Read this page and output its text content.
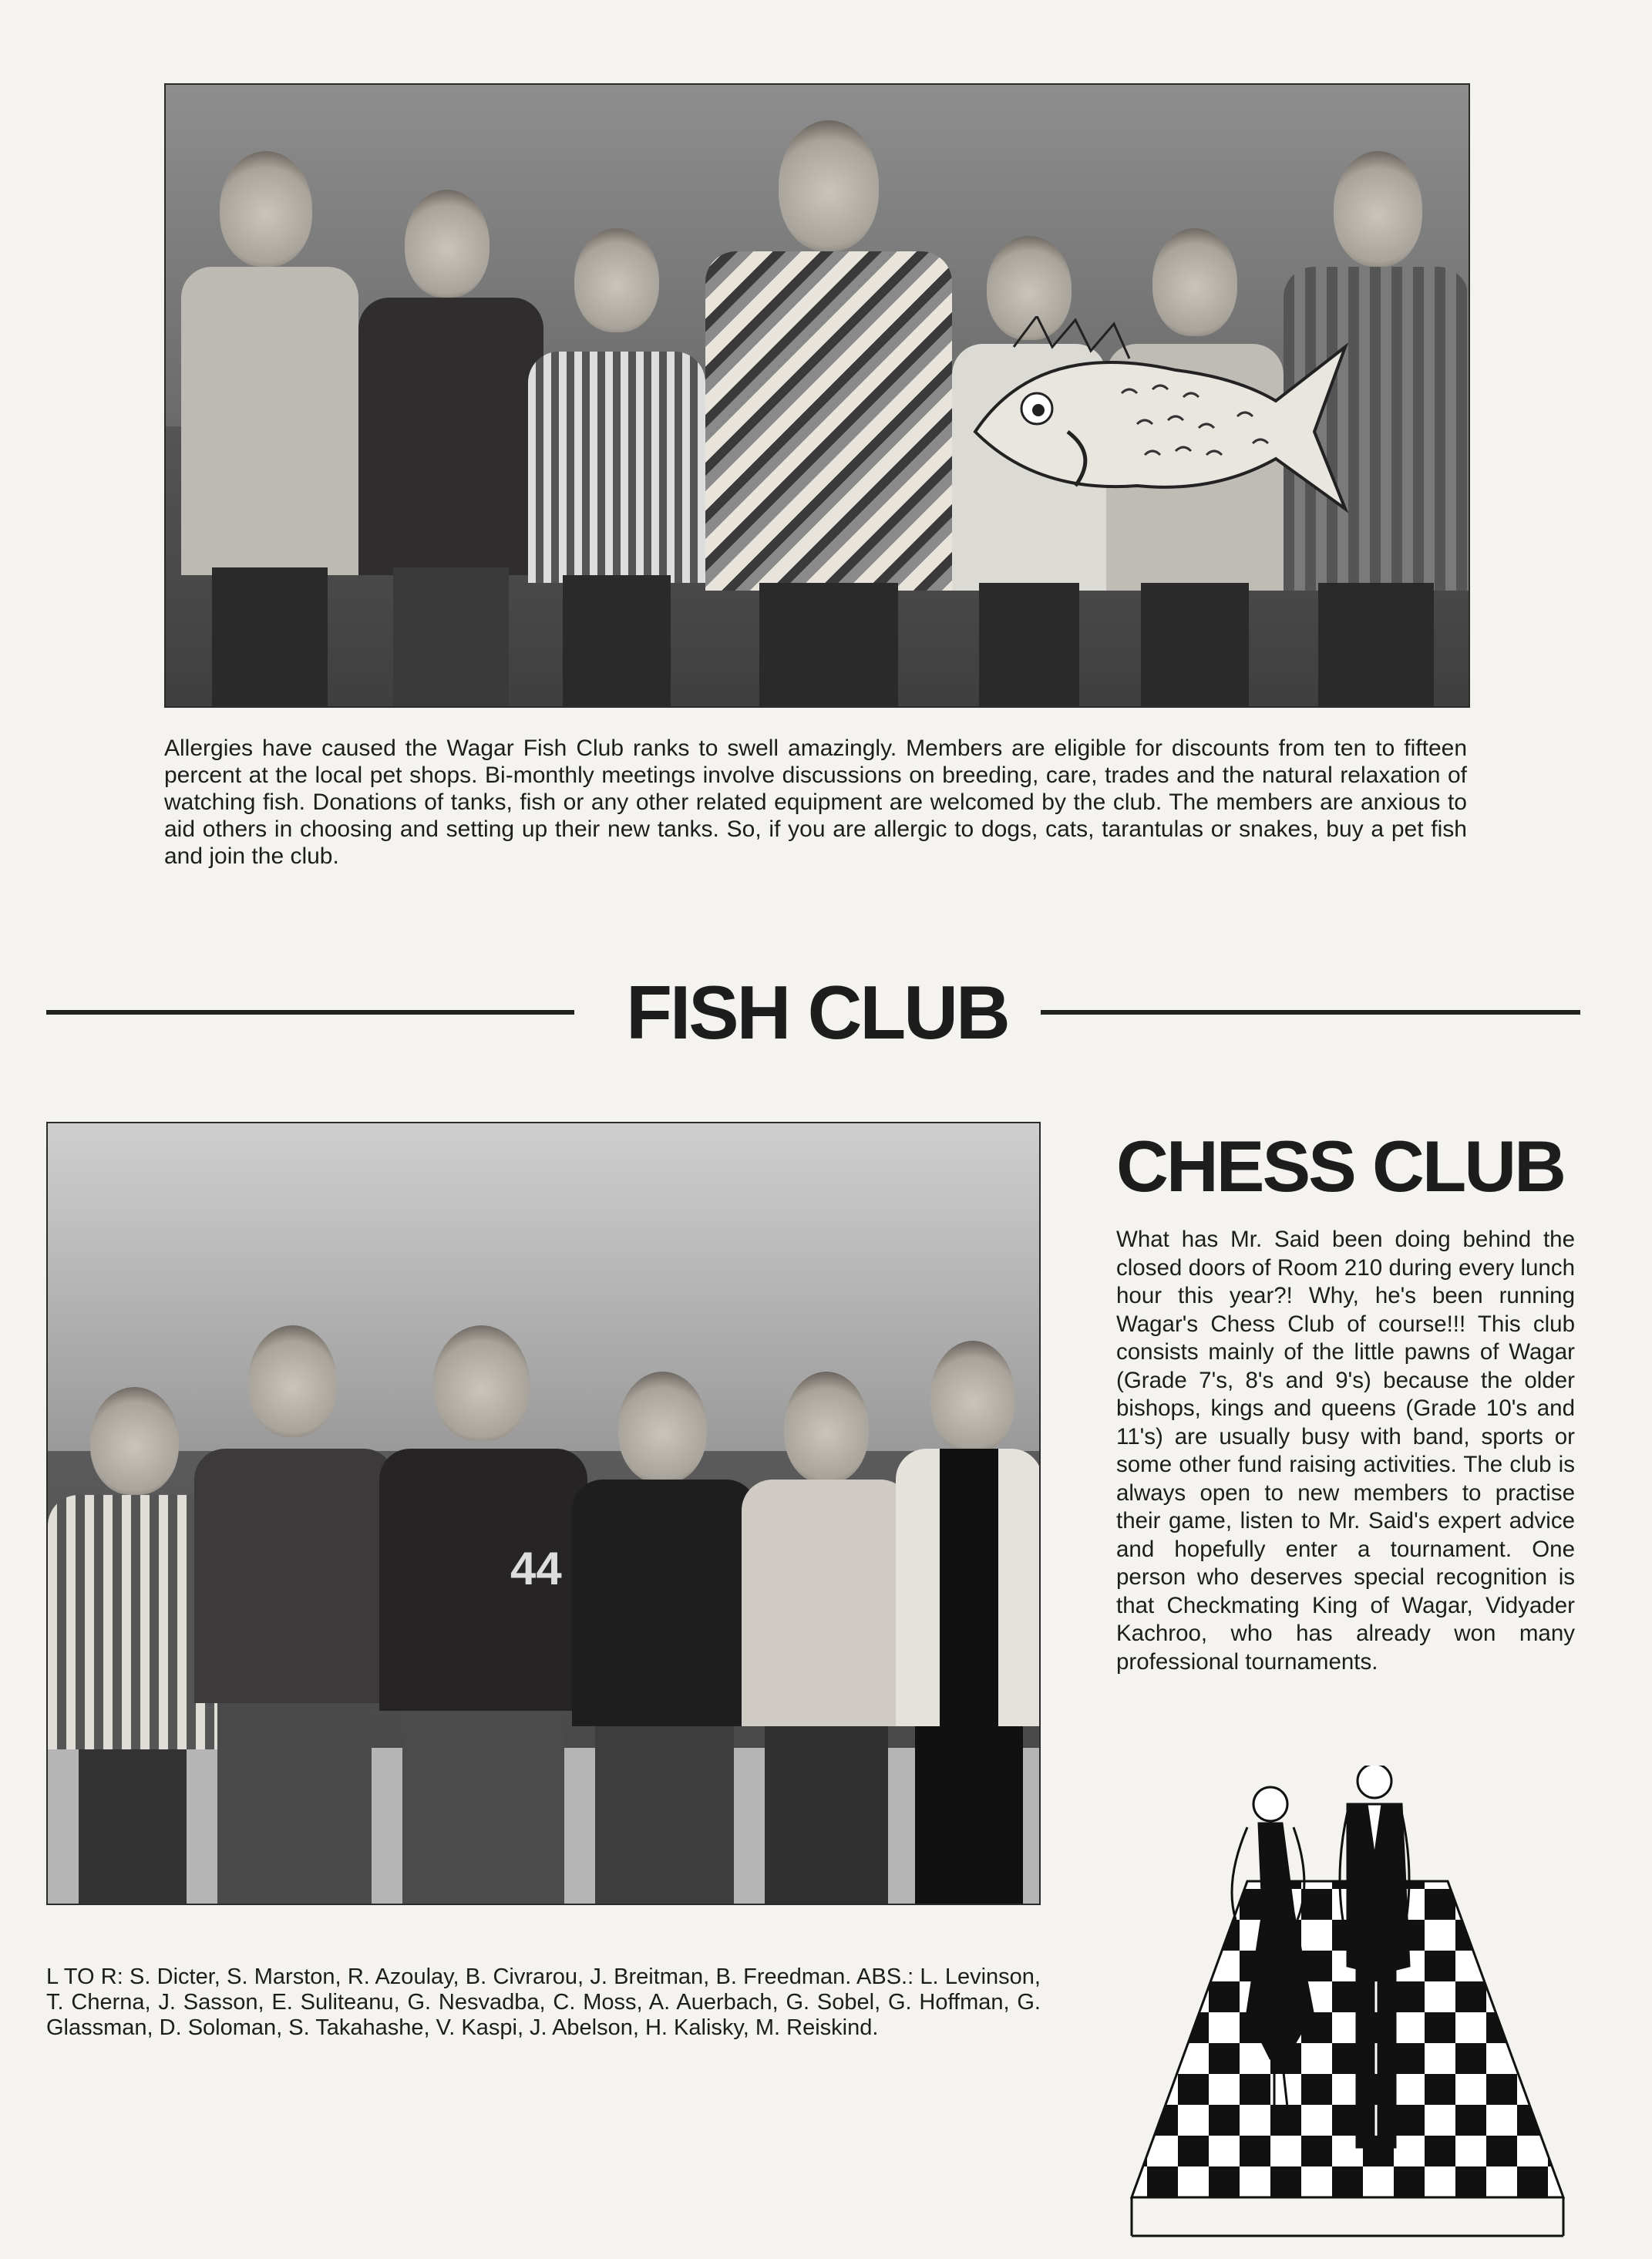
Allergies have caused the Wagar Fish Club ranks to swell amazingly. Members are eligible for discounts from ten to fifteen percent at the local pet shops. Bi-monthly meetings involve discussions on breeding, care, trades and the natural relaxation of watching fish. Donations of tanks, fish or any other related equipment are welcomed by the club. The members are anxious to aid others in choosing and setting up their new tanks. So, if you are allergic to dogs, cats, tarantulas or snakes, buy a pet fish and join the club.
FISH CLUB
44
L TO R: S. Dicter, S. Marston, R. Azoulay, B. Civrarou, J. Breitman, B. Freedman. ABS.: L. Levinson, T. Cherna, J. Sasson, E. Suliteanu, G. Nesvadba, C. Moss, A. Auerbach, G. Sobel, G. Hoffman, G. Glassman, D. Soloman, S. Takahashe, V. Kaspi, J. Abelson, H. Kalisky, M. Reiskind.
CHESS CLUB
What has Mr. Said been doing behind the closed doors of Room 210 during every lunch hour this year?! Why, he's been running Wagar's Chess Club of course!!! This club consists mainly of the little pawns of Wagar (Grade 7's, 8's and 9's) because the older bishops, kings and queens (Grade 10's and 11's) are usually busy with band, sports or some other fund raising activities. The club is always open to new members to practise their game, listen to Mr. Said's expert advice and hopefully enter a tournament. One person who deserves special recognition is that Checkmating King of Wagar, Vidyader Kachroo, who has already won many professional tournaments.
